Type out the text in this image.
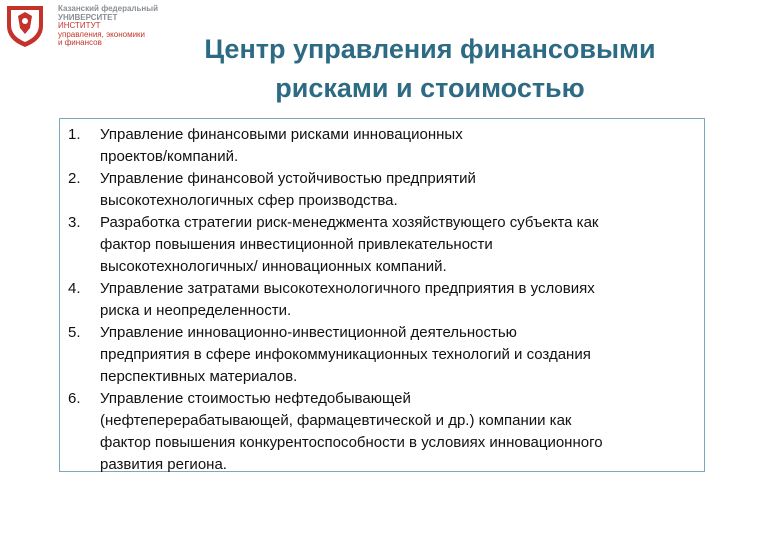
Казанский федеральный
УНИВЕРСИТЕТ
ИНСТИТУТ
управления, экономики
и финансов	Центр управления финансовыми
рисками и стоимостью
1. Управление финансовыми рисками инновационных
проектов/компаний.
2. Управление финансовой устойчивостью предприятий
высокотехнологичных сфер производства.
3. Разработка стратегии риск-менеджмента хозяйствующего субъекта как
фактор повышения инвестиционной привлекательности
высокотехнологичных/ инновационных компаний.
4. Управление затратами высокотехнологичного предприятия в условиях
риска и неопределенности.
5. Управление инновационно-инвестиционной деятельностью
предприятия в сфере инфокоммуникационных технологий и создания
перспективных материалов.
6. Управление стоимостью нефтедобывающей
(нефтеперерабатывающей, фармацевтической и др.) компании как
фактор повышения конкурентоспособности в условиях инновационного
развития региона.
